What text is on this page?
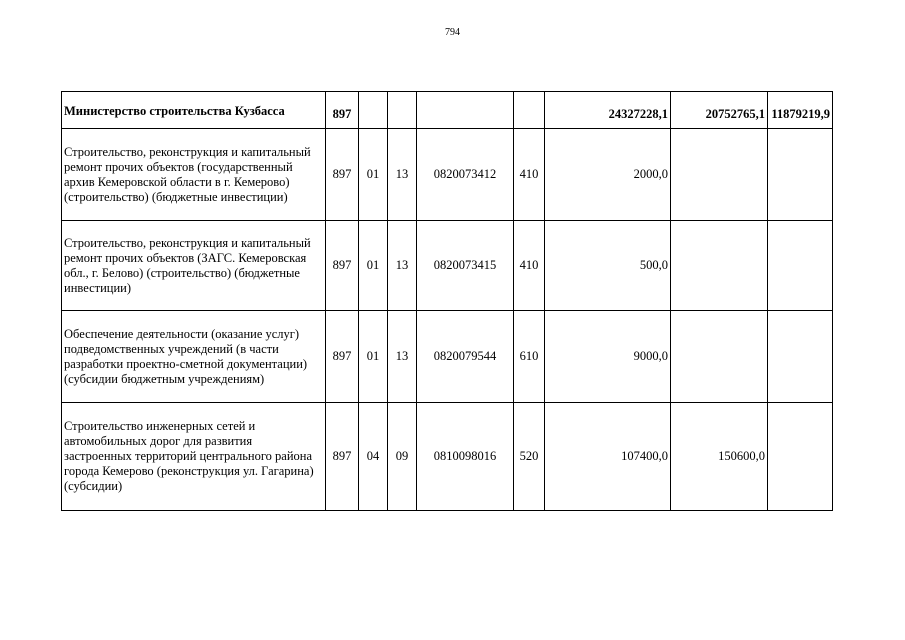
794
Министерство строительства Кузбасса	897					24327228,1	20752765,1	11879219,9
Строительство, реконструкция и капитальный ремонт прочих объектов (государственный архив Кемеровской области в г. Кемерово) (строительство) (бюджетные инвестиции)	897	01	13	0820073412	410	2000,0		
Строительство, реконструкция и капитальный ремонт прочих объектов (ЗАГС. Кемеровская обл., г. Белово) (строительство) (бюджетные инвестиции)	897	01	13	0820073415	410	500,0		
Обеспечение деятельности (оказание услуг) подведомственных учреждений (в части разработки проектно-сметной документации) (субсидии бюджетным учреждениям)	897	01	13	0820079544	610	9000,0		
Строительство инженерных сетей и автомобильных дорог для развития застроенных территорий центрального района города Кемерово (реконструкция ул. Гагарина) (субсидии)	897	04	09	0810098016	520	107400,0	150600,0	
